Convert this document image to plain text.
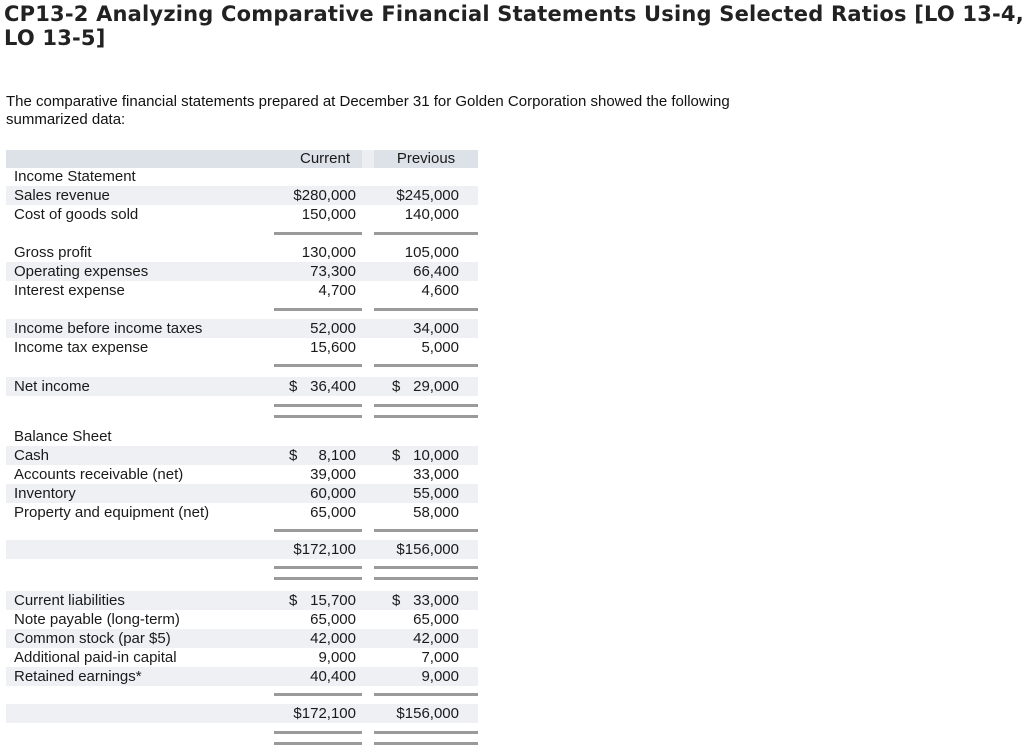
CP13-2 Analyzing Comparative Financial Statements Using Selected Ratios [LO 13-4, LO 13-5]
The comparative financial statements prepared at December 31 for Golden Corporation showed the following summarized data:
Current	Previous
Income Statement
Sales revenue	$280,000	$245,000
Cost of goods sold	150,000	140,000
Gross profit	130,000	105,000
Operating expenses	73,300	66,400
Interest expense	4,700	4,600
Income before income taxes	52,000	34,000
Income tax expense	15,600	5,000
Net income	$ 36,400 $ 29,000
Balance Sheet
Cash	$	8,100 $ 10,000
Accounts receivable (net)	39,000	33,000
Inventory	60,000	55,000
Property and equipment (net)	65,000	58,000
$172,100	$156,000
Current liabilities	$ 15,700 $ 33,000
Note payable (long-term)	65,000	65,000
Common stock (par $5)	42,000	42,000
Additional paid-in capital	9,000	7,000
Retained earnings*	40,400	9,000
$172,100	$156,000
